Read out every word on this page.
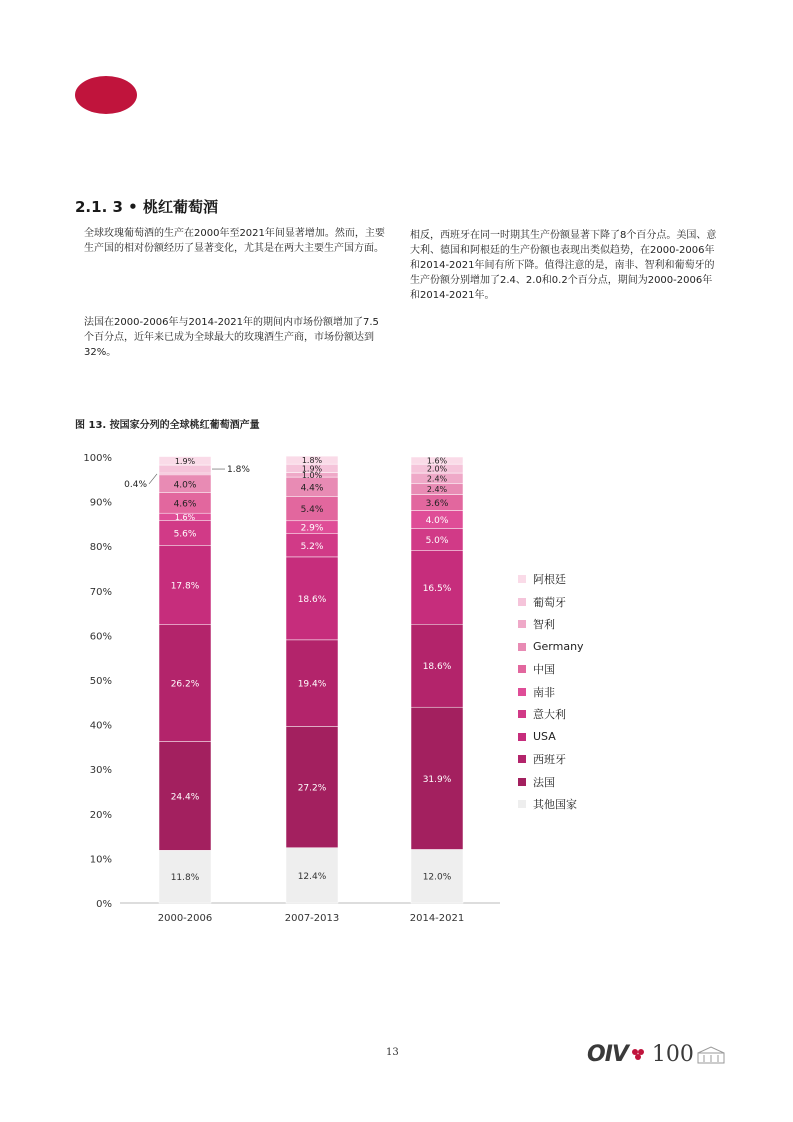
2.1. 3 • 桃红葡萄酒

全球玫瑰葡萄酒的生产在2000年至2021年间显著增加。然而，主要生产国的相对份额经历了显著变化，尤其是在两大主要生产国方面。

法国在2000-2006年与2014-2021年的期间内市场份额增加了7.5个百分点，近年来已成为全球最大的玫瑰酒生产商，市场份额达到32%。

相反，西班牙在同一时期其生产份额显著下降了8个百分点。美国、意大利、德国和阿根廷的生产份额也表现出类似趋势，在2000-2006年和2014-2021年间有所下降。值得注意的是，南非、智利和葡萄牙的生产份额分别增加了2.4、2.0和0.2个百分点，期间为2000-2006年和2014-2021年。

图 13. 按国家分列的全球桃红葡萄酒产量
0%
10%
20%
30%
40%
50%
60%
70%
80%
90%
100%
2000-2006	2007-2013	2014-2021
11.8%
24.4%
26.2%
17.8%
5.6%
1.6%
4.6%
4.0%
0.4%
1.8%
1.9%
12.4%
27.2%
19.4%
18.6%
5.2%
2.9%
5.4%
4.4%
1.0%
1.9%
1.8%
12.0%
31.9%
18.6%
16.5%
5.0%
4.0%
3.6%
2.4%
2.4%
2.0%
1.6%
阿根廷
葡萄牙
智利
Germany
中国
南非
意大利
USA
西班牙
法国
其他国家
13	OIV 100
